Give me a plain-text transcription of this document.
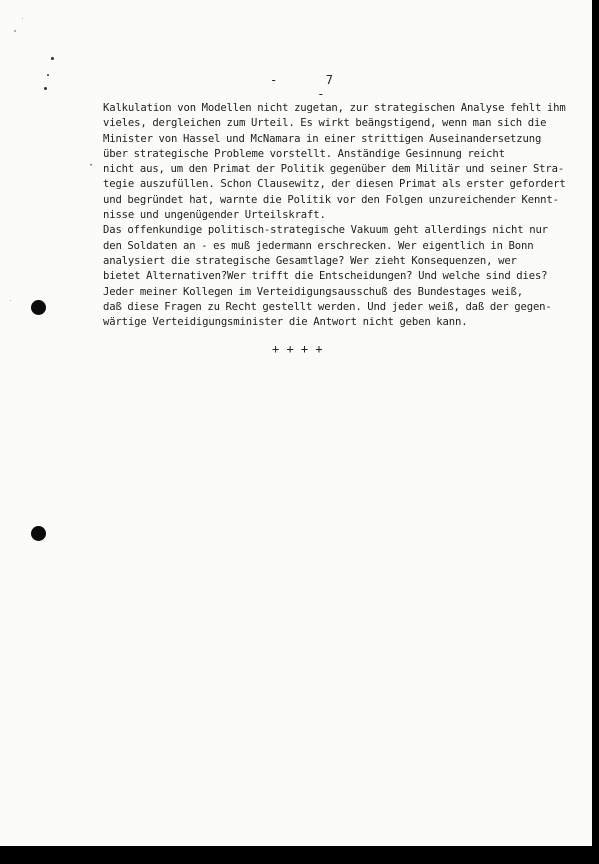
-	7  -
·
Kalkulation von Modellen nicht zugetan, zur strategischen Analyse fehlt ihm
vieles, dergleichen zum Urteil. Es wirkt beängstigend, wenn man sich die
Minister von Hassel und McNamara in einer strittigen Auseinandersetzung
über strategische Probleme vorstellt. Anständige Gesinnung reicht
nicht aus, um den Primat der Politik gegenüber dem Militär und seiner Stra-
tegie auszufüllen. Schon Clausewitz, der diesen Primat als erster gefordert
und begründet hat, warnte die Politik vor den Folgen unzureichender Kennt-
nisse und ungenügender Urteilskraft.
Das offenkundige politisch-strategische Vakuum geht allerdings nicht nur
den Soldaten an - es muß jedermann erschrecken. Wer eigentlich in Bonn
analysiert die strategische Gesamtlage? Wer zieht Konsequenzen, wer
bietet Alternativen?Wer trifft die Entscheidungen? Und welche sind dies?
Jeder meiner Kollegen im Verteidigungsausschuß des Bundestages weiß,
daß diese Fragen zu Recht gestellt werden. Und jeder weiß, daß der gegen-
wärtige Verteidigungsminister die Antwort nicht geben kann.
+ + + +
